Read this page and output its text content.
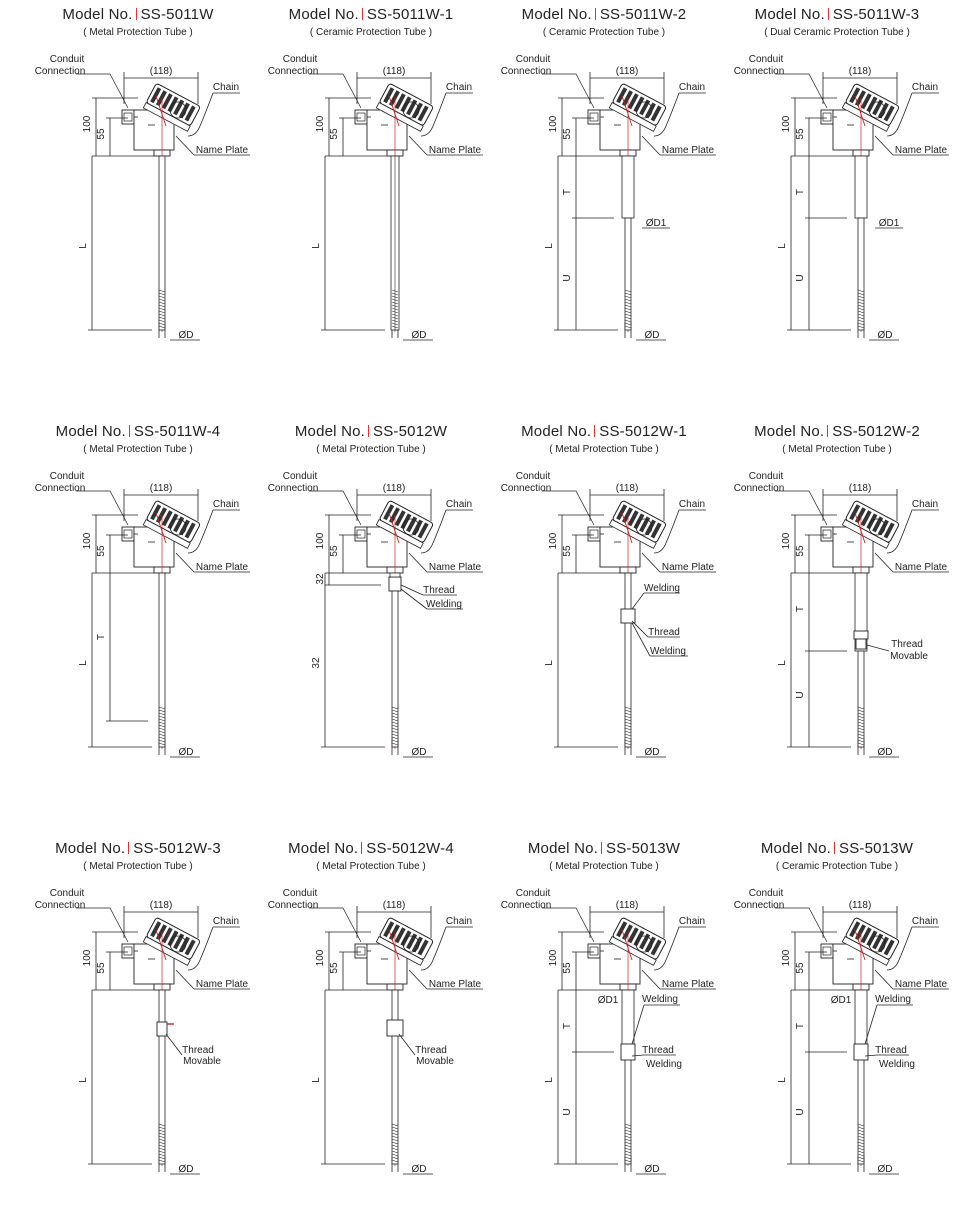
Model No. SS-5011W
( Metal Protection Tube )
Conduit
Connection	(118)
Chain
Name Plate
100
55
L
ØD
Model No. SS-5011W-1
( Ceramic Protection Tube )
Conduit
Connection	(118)
Chain
Name Plate
100
55
L
ØD
Model No. SS-5011W-2
( Ceramic Protection Tube )
Conduit
Connection	(118)
Chain
Name Plate
100
55
L
ØD
T
U
ØD1
Model No. SS-5011W-3
( Dual Ceramic Protection Tube )
Conduit
Connection	(118)
Chain
Name Plate
100
55
L
ØD
T
U
ØD1
Model No. SS-5011W-4
( Metal Protection Tube )
Conduit
Connection	(118)
Chain
Name Plate
100
55
L
ØD
T
Model No. SS-5012W
( Metal Protection Tube )
Conduit
Connection	(118)
Chain
Name Plate
100
55
32
ØD
32
Thread
Welding
Model No. SS-5012W-1
( Metal Protection Tube )
Conduit
Connection	(118)
Chain
Name Plate
100
55
L
ØD
Welding
Thread
Welding
Model No. SS-5012W-2
( Metal Protection Tube )
Conduit
Connection	(118)
Chain
Name Plate
100
55
L
ØD
T
U
Thread
Movable
Model No. SS-5012W-3
( Metal Protection Tube )
Conduit
Connection	(118)
Chain
Name Plate
100
55
L
ØD
Thread
Movable
Model No. SS-5012W-4
( Metal Protection Tube )
Conduit
Connection	(118)
Chain
Name Plate
100
55
L
ØD
Thread
Movable
Model No. SS-5013W
( Metal Protection Tube )
Conduit
Connection	(118)
Chain
Name Plate
100
55
L
ØD
T
U
ØD1 Welding
Thread
Welding
Model No. SS-5013W
( Ceramic Protection Tube )
Conduit
Connection	(118)
Chain
Name Plate
100
55
L
ØD
T
U
ØD1 Welding
Thread
Welding
